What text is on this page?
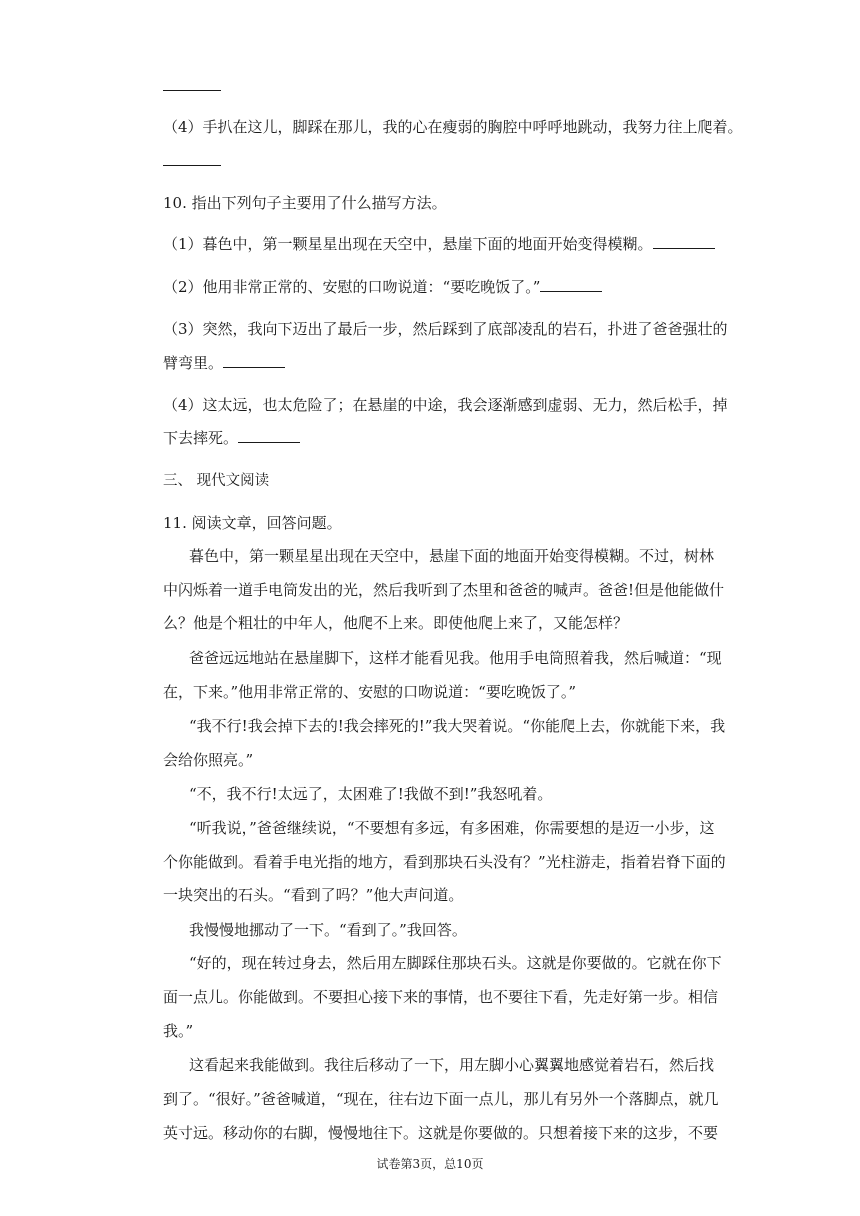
（4）手扒在这儿，脚踩在那儿，我的心在瘦弱的胸腔中呼呼地跳动，我努力往上爬着。
10. 指出下列句子主要用了什么描写方法。
（1）暮色中，第一颗星星出现在天空中，悬崖下面的地面开始变得模糊。
（2）他用非常正常的、安慰的口吻说道：“要吃晚饭了。”
（3）突然，我向下迈出了最后一步，然后踩到了底部凌乱的岩石，扑进了爸爸强壮的
臂弯里。
（4）这太远，也太危险了；在悬崖的中途，我会逐渐感到虚弱、无力，然后松手，掉
下去摔死。
三、 现代文阅读
11. 阅读文章，回答问题。
暮色中，第一颗星星出现在天空中，悬崖下面的地面开始变得模糊。不过，树林
中闪烁着一道手电筒发出的光，然后我听到了杰里和爸爸的喊声。爸爸!但是他能做什
么？他是个粗壮的中年人，他爬不上来。即使他爬上来了，又能怎样？
爸爸远远地站在悬崖脚下，这样才能看见我。他用手电筒照着我，然后喊道：“现
在，下来。”他用非常正常的、安慰的口吻说道：“要吃晚饭了。”
“我不行!我会掉下去的!我会摔死的!”我大哭着说。“你能爬上去，你就能下来，我
会给你照亮。”
“不，我不行!太远了，太困难了!我做不到!”我怒吼着。
“听我说，”爸爸继续说，“不要想有多远，有多困难，你需要想的是迈一小步，这
个你能做到。看着手电光指的地方，看到那块石头没有？”光柱游走，指着岩脊下面的
一块突出的石头。“看到了吗？”他大声问道。
我慢慢地挪动了一下。“看到了。”我回答。
“好的，现在转过身去，然后用左脚踩住那块石头。这就是你要做的。它就在你下
面一点儿。你能做到。不要担心接下来的事情，也不要往下看，先走好第一步。相信
我。”
这看起来我能做到。我往后移动了一下，用左脚小心翼翼地感觉着岩石，然后找
到了。“很好。”爸爸喊道，“现在，往右边下面一点儿，那儿有另外一个落脚点，就几
英寸远。移动你的右脚，慢慢地往下。这就是你要做的。只想着接下来的这步，不要
试卷第3页，总10页
